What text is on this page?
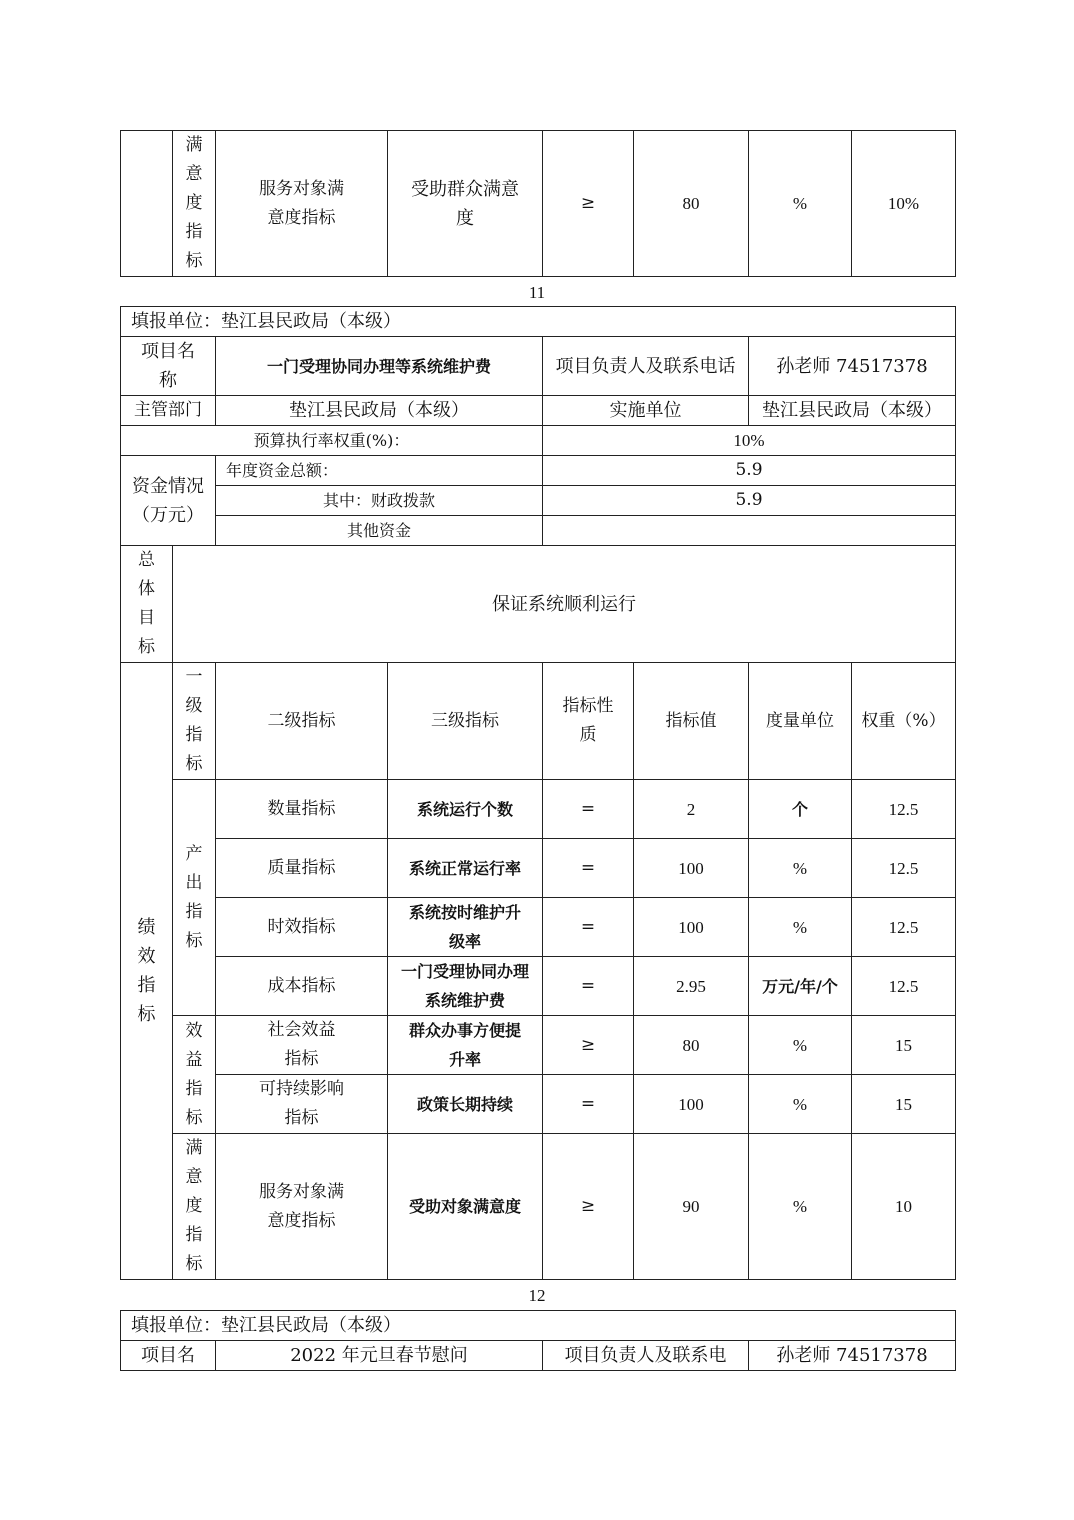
	满意度指标	服务对象满意度指标	受助群众满意度	≥	80	%	10%
11
填报单位：垫江县民政局（本级）							
项目名称		一门受理协同办理等系统维护费		项目负责人及联系电话		孙老师 74517378	
主管部门		垫江县民政局（本级）		实施单位		垫江县民政局（本级）	
预算执行率权重(%)：				10%			
资金情况（万元）		年度资金总额：		5.9			
		其中：财政拨款		5.9			
		其他资金					
总体目标	保证系统顺利运行						
绩效指标	一级指标	二级指标	三级指标	指标性质	指标值	度量单位	权重（%）
	产出指标	数量指标	系统运行个数	=	2	个	12.5
		质量指标	系统正常运行率	=	100	%	12.5
		时效指标	系统按时维护升级率	=	100	%	12.5
		成本指标	一门受理协同办理系统维护费	=	2.95	万元/年/个	12.5
	效益指标	社会效益指标	群众办事方便提升率	≥	80	%	15
		可持续影响指标	政策长期持续	=	100	%	15
	满意度指标	服务对象满意度指标	受助对象满意度	≥	90	%	10
12
填报单位：垫江县民政局（本级）
项目名	2022 年元旦春节慰问	项目负责人及联系电	孙老师 74517378
